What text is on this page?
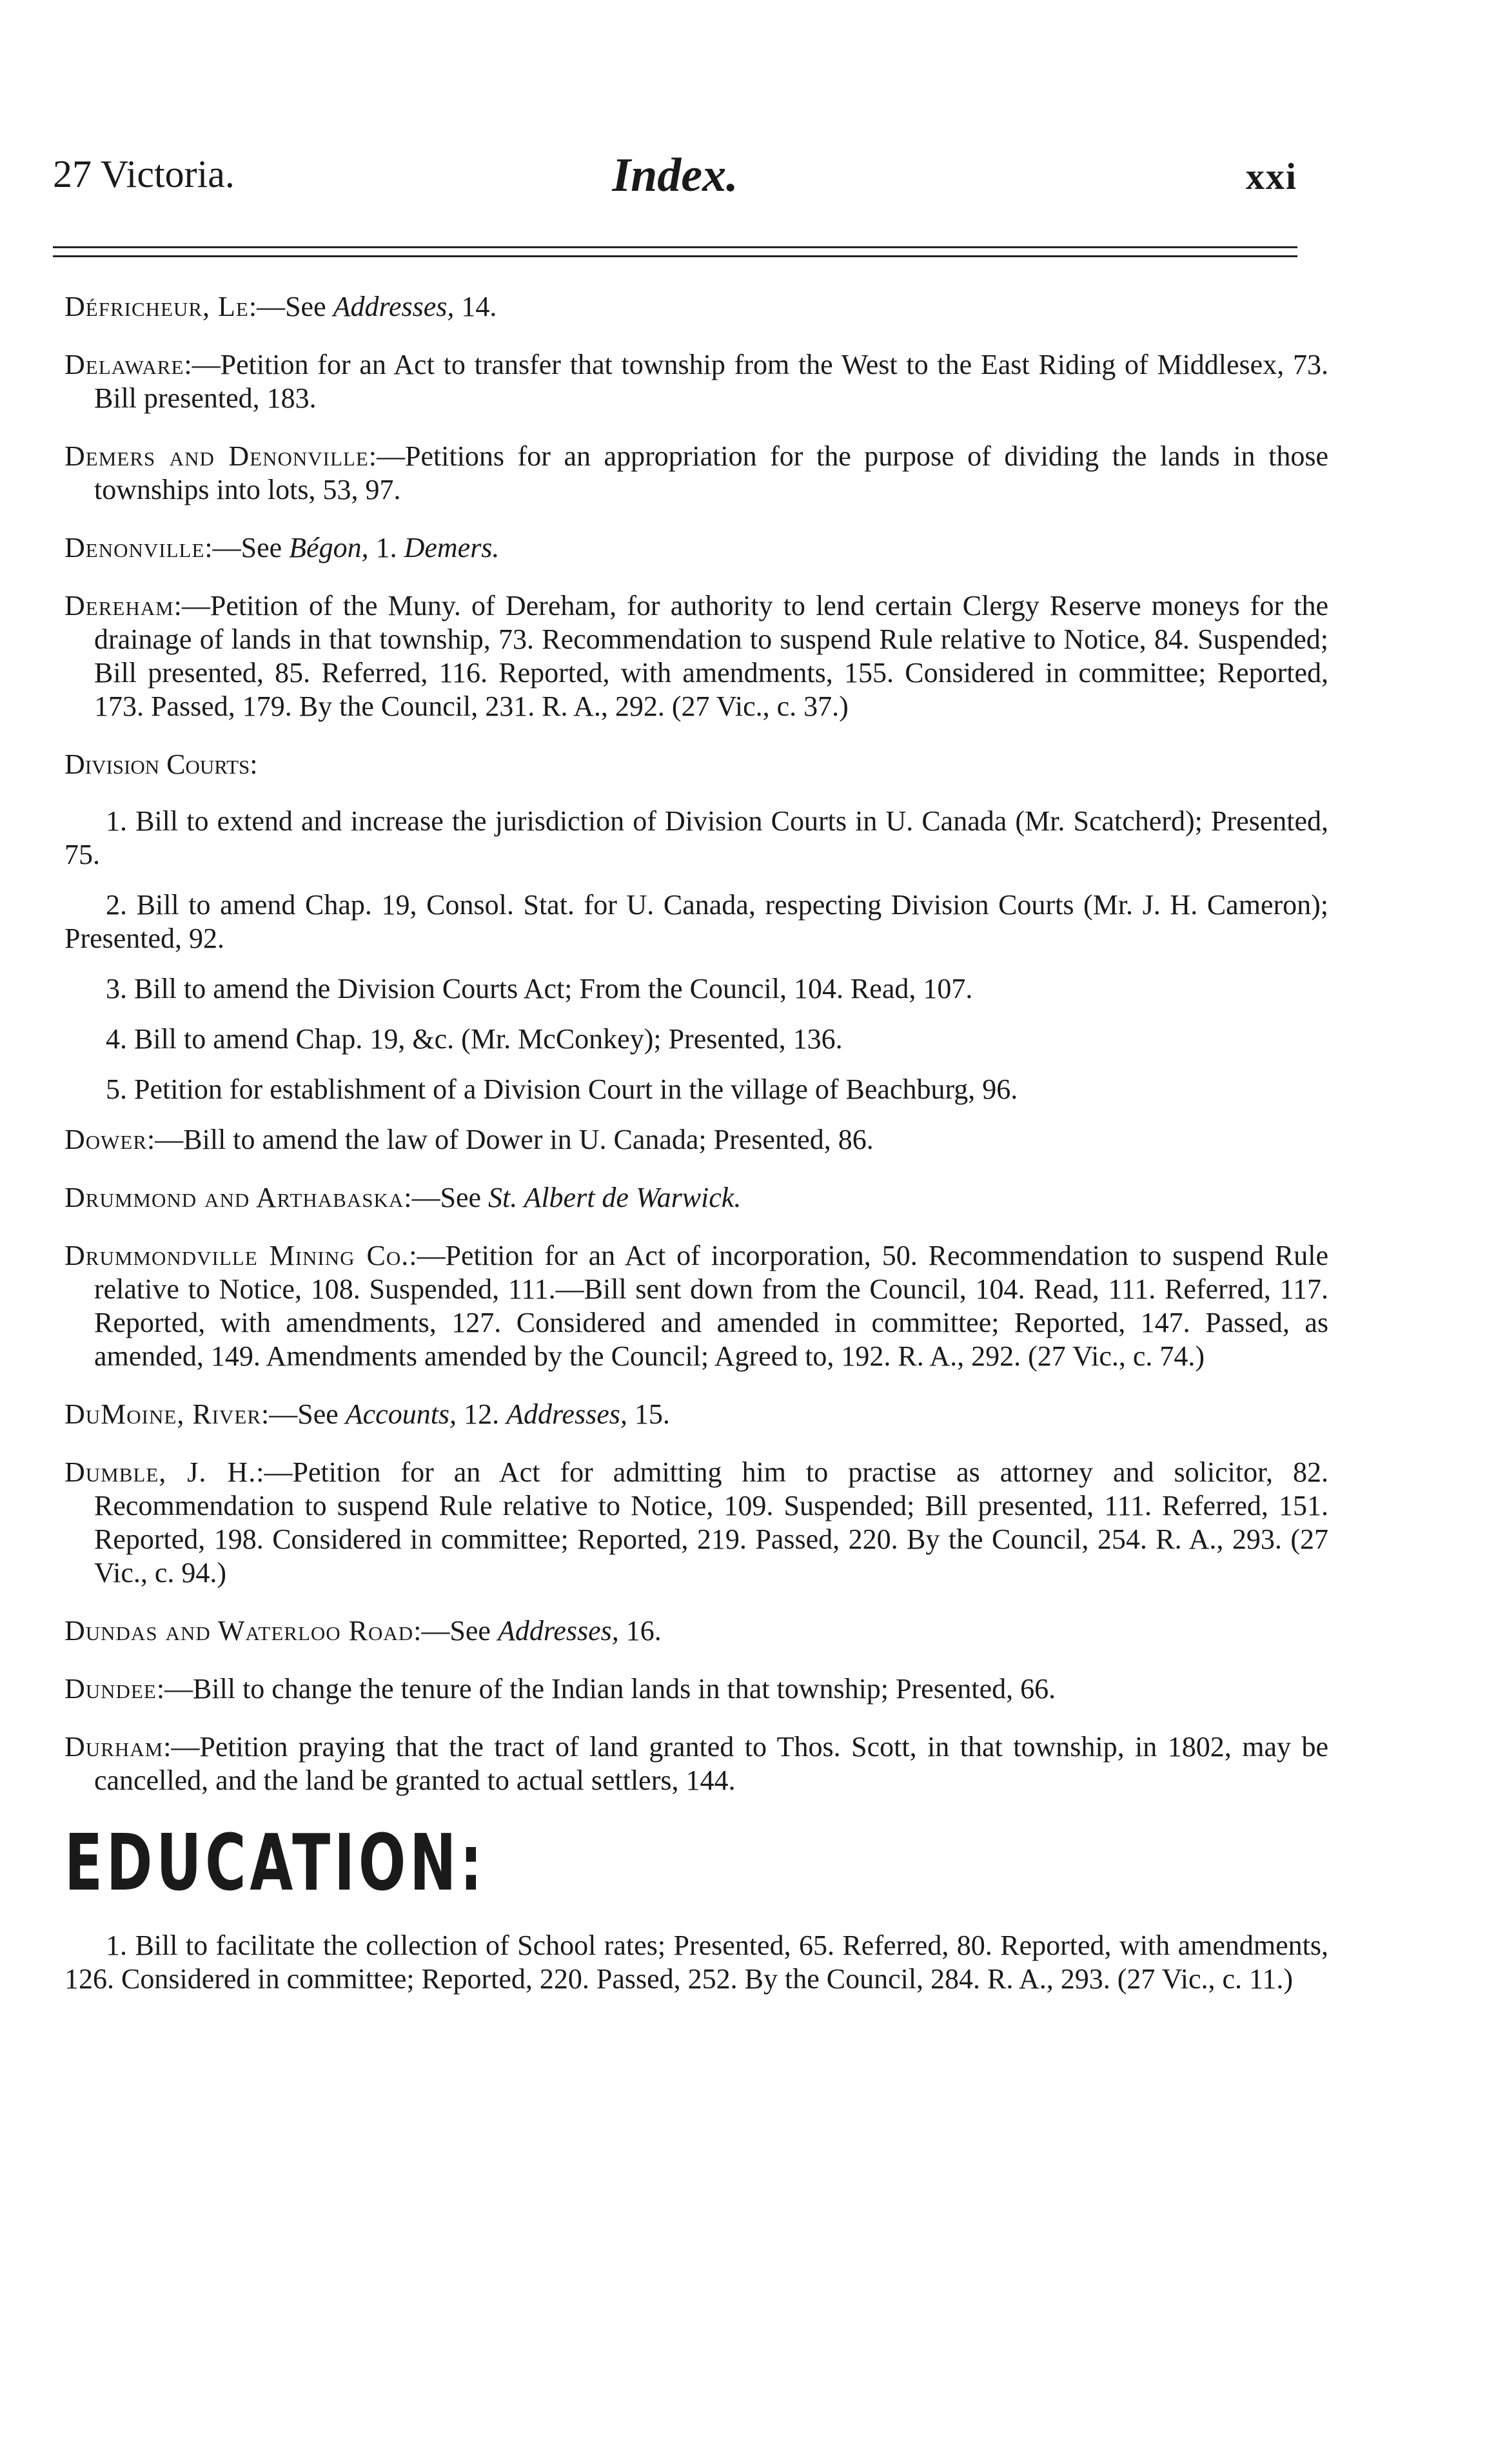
27 Victoria.	Index.	xxi

Défricheur, Le:—See Addresses, 14.

Delaware:—Petition for an Act to transfer that township from the West to the East Riding of Middlesex, 73. Bill presented, 183.

Demers and Denonville:—Petitions for an appropriation for the purpose of dividing the lands in those townships into lots, 53, 97.

Denonville:—See Bégon, 1. Demers.

Dereham:—Petition of the Muny. of Dereham, for authority to lend certain Clergy Reserve moneys for the drainage of lands in that township, 73. Recommendation to suspend Rule relative to Notice, 84. Suspended; Bill presented, 85. Referred, 116. Reported, with amendments, 155. Considered in committee; Reported, 173. Passed, 179. By the Council, 231. R. A., 292. (27 Vic., c. 37.)

Division Courts:

1. Bill to extend and increase the jurisdiction of Division Courts in U. Canada (Mr. Scatcherd); Presented, 75.

2. Bill to amend Chap. 19, Consol. Stat. for U. Canada, respecting Division Courts (Mr. J. H. Cameron); Presented, 92.

3. Bill to amend the Division Courts Act; From the Council, 104. Read, 107.

4. Bill to amend Chap. 19, &c. (Mr. McConkey); Presented, 136.

5. Petition for establishment of a Division Court in the village of Beachburg, 96.

Dower:—Bill to amend the law of Dower in U. Canada; Presented, 86.

Drummond and Arthabaska:—See St. Albert de Warwick.

Drummondville Mining Co.:—Petition for an Act of incorporation, 50. Recommendation to suspend Rule relative to Notice, 108. Suspended, 111.—Bill sent down from the Council, 104. Read, 111. Referred, 117. Reported, with amendments, 127. Considered and amended in committee; Reported, 147. Passed, as amended, 149. Amendments amended by the Council; Agreed to, 192. R. A., 292. (27 Vic., c. 74.)

DuMoine, River:—See Accounts, 12. Addresses, 15.

Dumble, J. H.:—Petition for an Act for admitting him to practise as attorney and solicitor, 82. Recommendation to suspend Rule relative to Notice, 109. Suspended; Bill presented, 111. Referred, 151. Reported, 198. Considered in committee; Reported, 219. Passed, 220. By the Council, 254. R. A., 293. (27 Vic., c. 94.)

Dundas and Waterloo Road:—See Addresses, 16.

Dundee:—Bill to change the tenure of the Indian lands in that township; Presented, 66.

Durham:—Petition praying that the tract of land granted to Thos. Scott, in that township, in 1802, may be cancelled, and the land be granted to actual settlers, 144.

EDUCATION:

1. Bill to facilitate the collection of School rates; Presented, 65. Referred, 80. Reported, with amendments, 126. Considered in committee; Reported, 220. Passed, 252. By the Council, 284. R. A., 293. (27 Vic., c. 11.)
